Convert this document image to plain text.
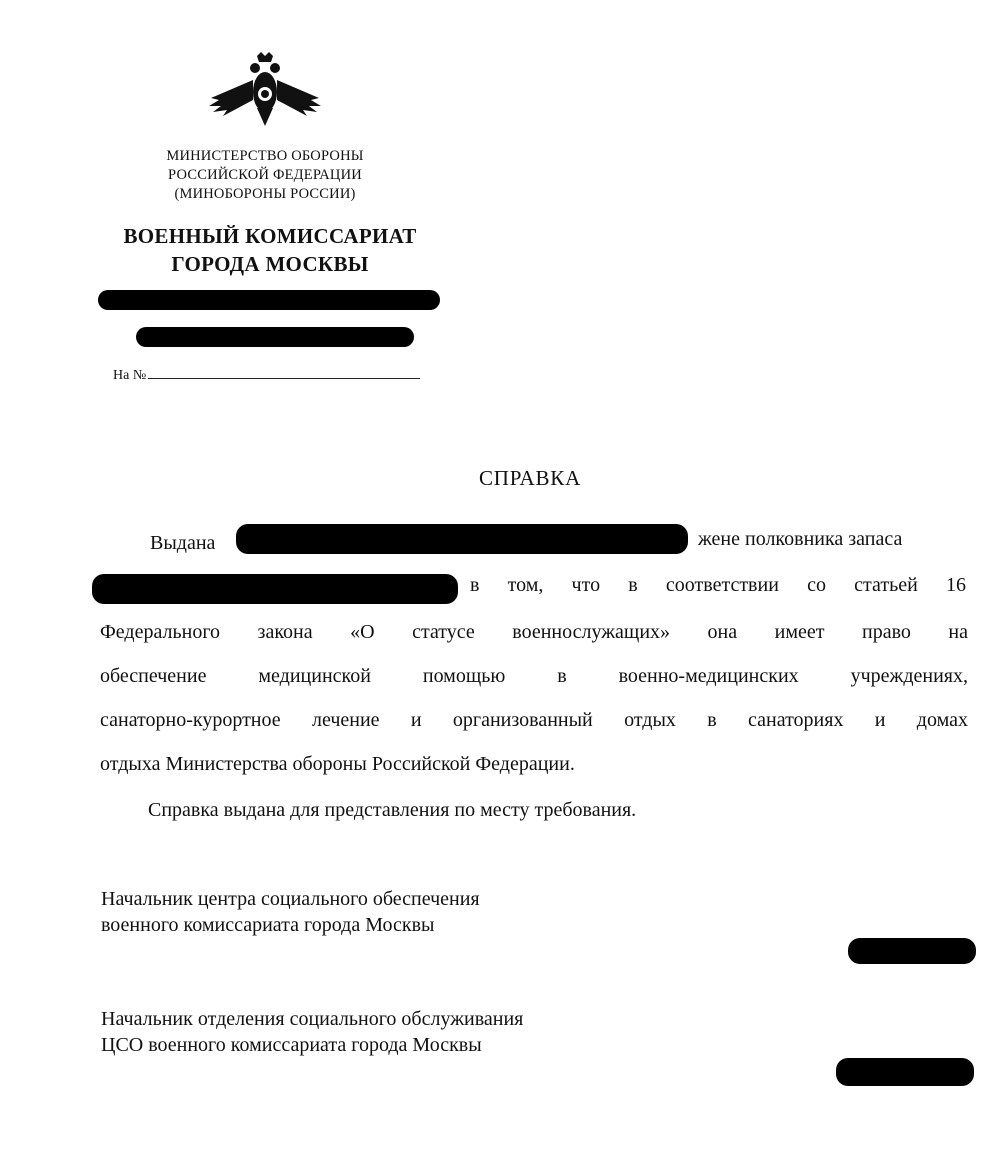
МИНИСТЕРСТВО ОБОРОНЫ
РОССИЙСКОЙ ФЕДЕРАЦИИ
(МИНОБОРОНЫ РОССИИ)
ВОЕННЫЙ КОМИССАРИАТ
ГОРОДА МОСКВЫ
На №
СПРАВКА
Выдана	жене полковника запаса
в том, что в соответствии со статьей 16
Федерального закона «О статусе военнослужащих» она имеет право на
обеспечение медицинской помощью в военно-медицинских учреждениях,
санаторно-курортное лечение и организованный отдых в санаториях и домах
отдыха Министерства обороны Российской Федерации.
Справка выдана для представления по месту требования.
Начальник центра социального обеспечения
военного комиссариата города Москвы
Начальник отделения социального обслуживания
ЦСО военного комиссариата города Москвы
